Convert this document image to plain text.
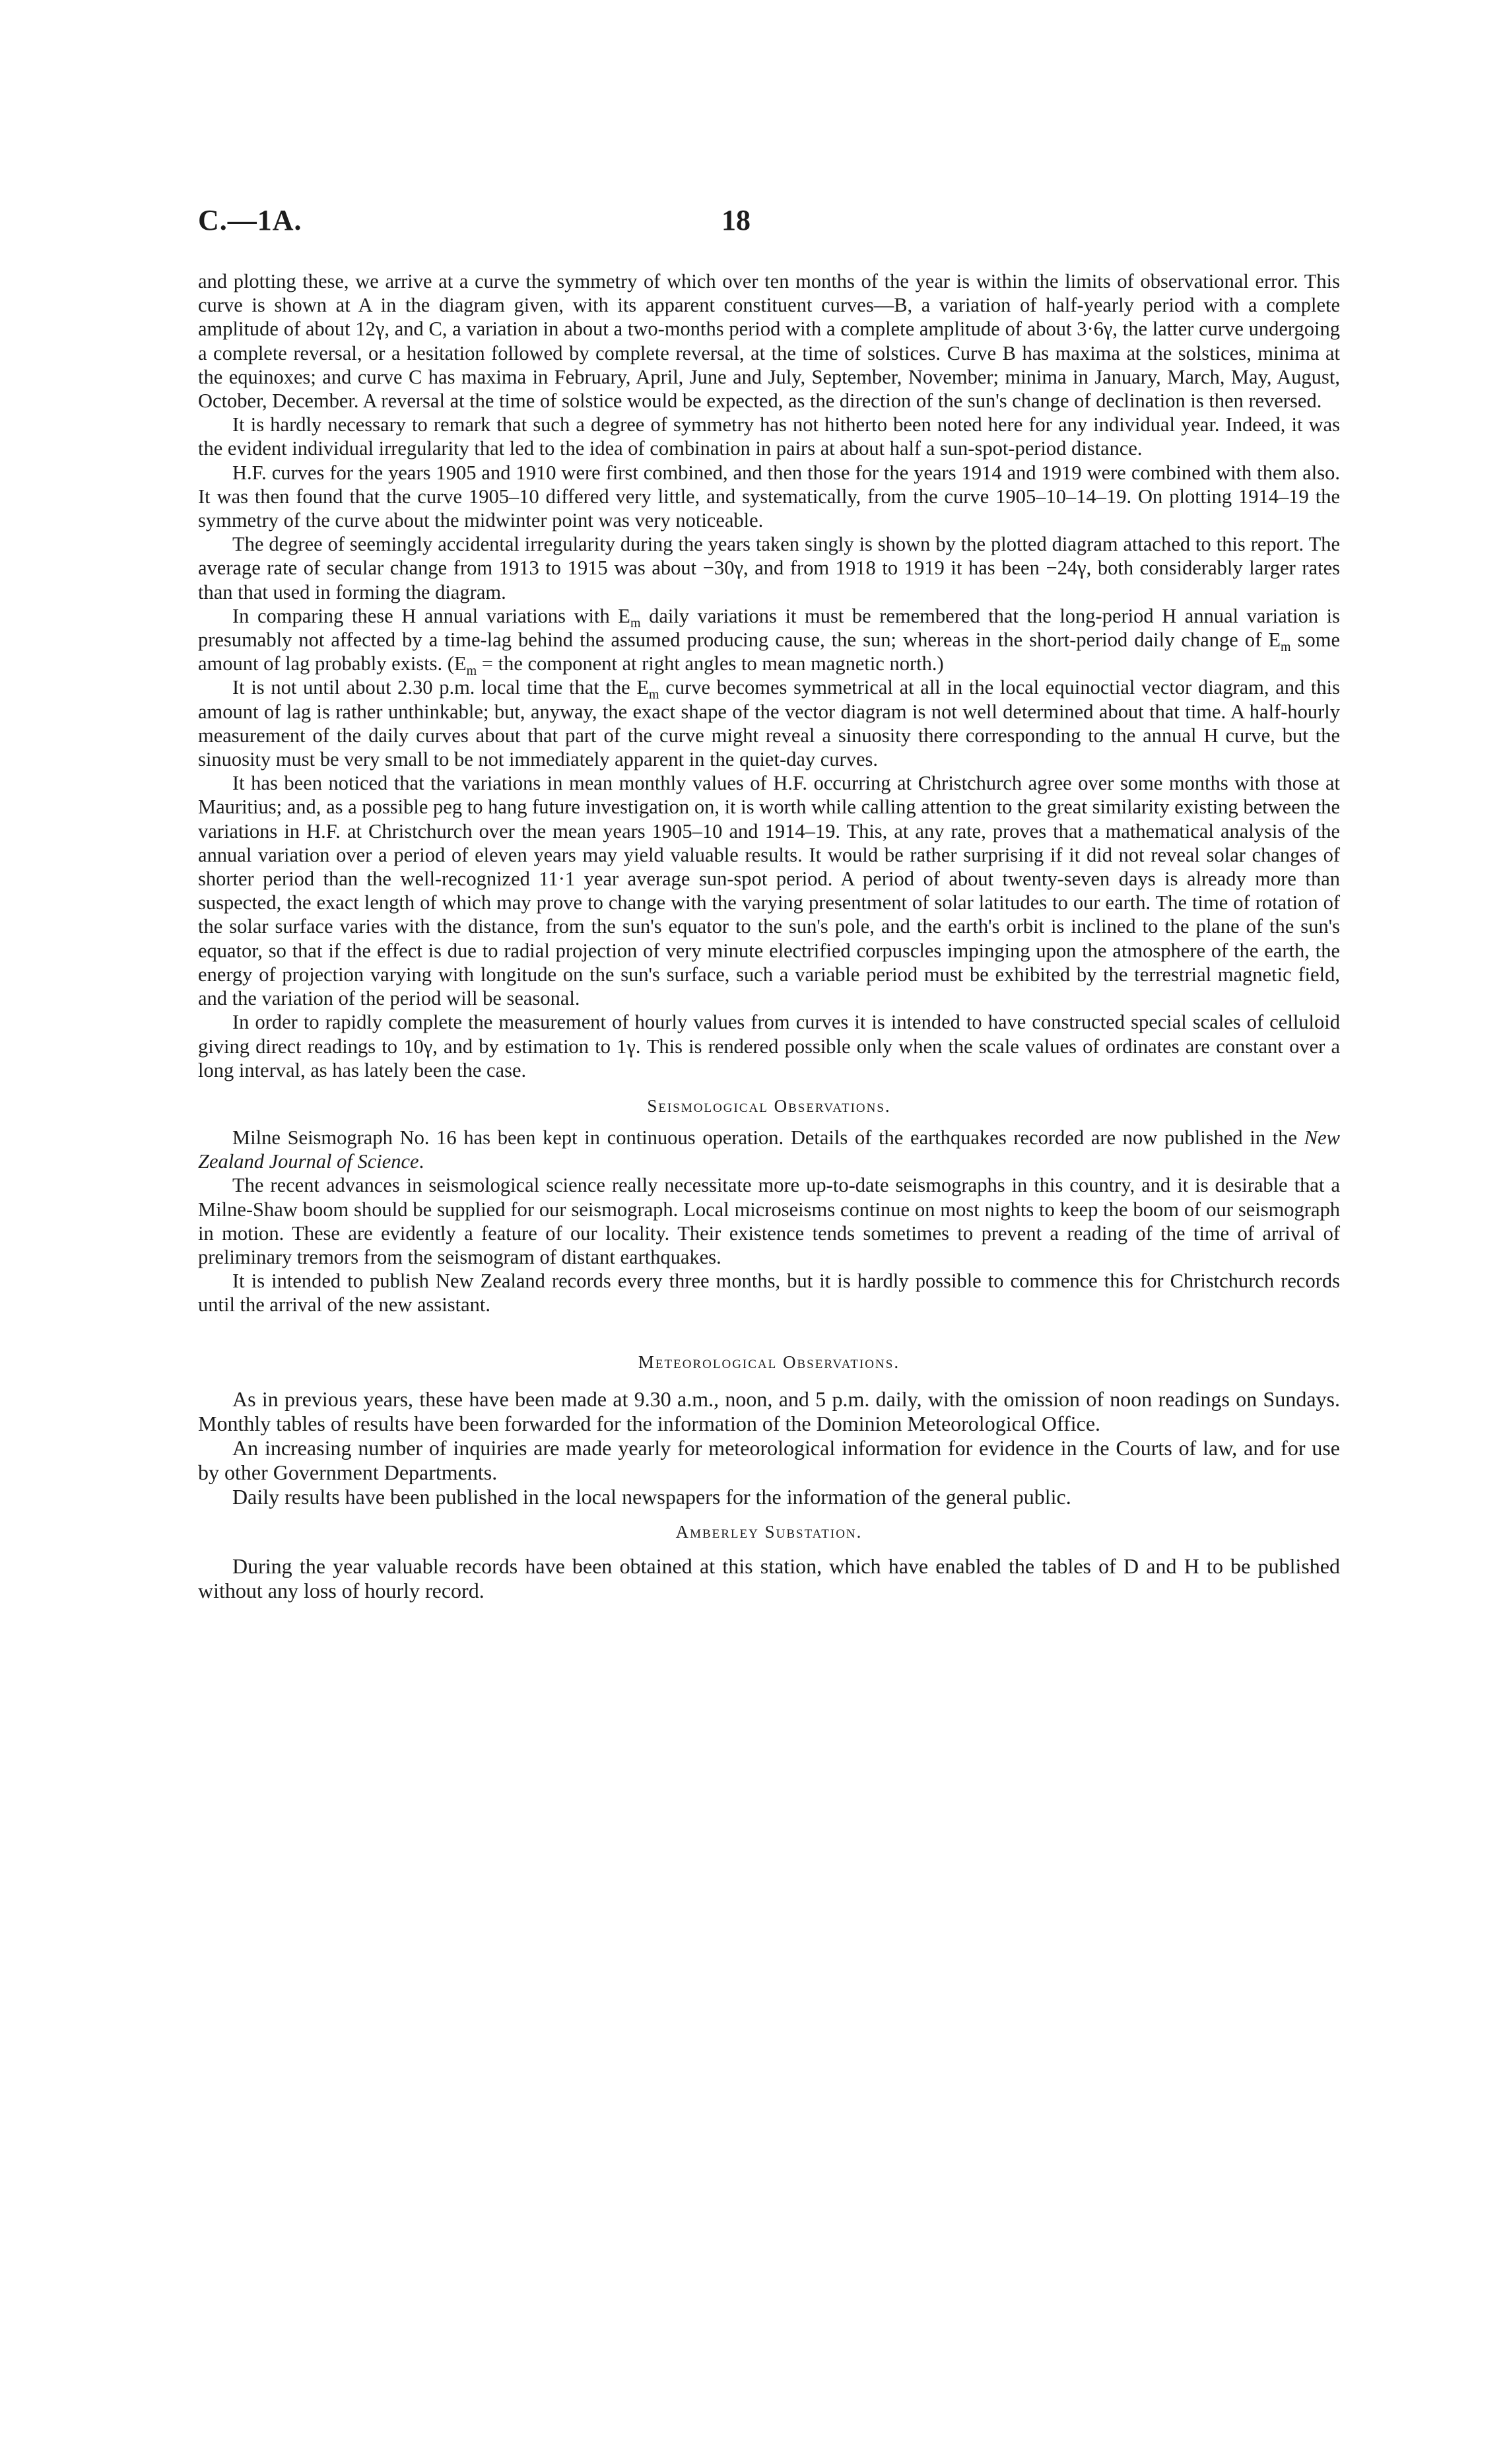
C.—1A.	18

and plotting these, we arrive at a curve the symmetry of which over ten months of the year is within the limits of observational error. This curve is shown at A in the diagram given, with its apparent constituent curves—B, a variation of half-yearly period with a complete amplitude of about 12γ, and C, a variation in about a two-months period with a complete amplitude of about 3·6γ, the latter curve undergoing a complete reversal, or a hesitation followed by complete reversal, at the time of solstices. Curve B has maxima at the solstices, minima at the equinoxes; and curve C has maxima in February, April, June and July, September, November; minima in January, March, May, August, October, December. A reversal at the time of solstice would be expected, as the direction of the sun's change of declination is then reversed.

It is hardly necessary to remark that such a degree of symmetry has not hitherto been noted here for any individual year. Indeed, it was the evident individual irregularity that led to the idea of combination in pairs at about half a sun-spot-period distance.

H.F. curves for the years 1905 and 1910 were first combined, and then those for the years 1914 and 1919 were combined with them also. It was then found that the curve 1905–10 differed very little, and systematically, from the curve 1905–10–14–19. On plotting 1914–19 the symmetry of the curve about the midwinter point was very noticeable.

The degree of seemingly accidental irregularity during the years taken singly is shown by the plotted diagram attached to this report. The average rate of secular change from 1913 to 1915 was about −30γ, and from 1918 to 1919 it has been −24γ, both considerably larger rates than that used in forming the diagram.

In comparing these H annual variations with $E_m$ daily variations it must be remembered that the long-period H annual variation is presumably not affected by a time-lag behind the assumed producing cause, the sun; whereas in the short-period daily change of $E_m$ some amount of lag probably exists. ($E_m$ = the component at right angles to mean magnetic north.)

It is not until about 2.30 p.m. local time that the $E_m$ curve becomes symmetrical at all in the local equinoctial vector diagram, and this amount of lag is rather unthinkable; but, anyway, the exact shape of the vector diagram is not well determined about that time. A half-hourly measurement of the daily curves about that part of the curve might reveal a sinuosity there corresponding to the annual H curve, but the sinuosity must be very small to be not immediately apparent in the quiet-day curves.

It has been noticed that the variations in mean monthly values of H.F. occurring at Christchurch agree over some months with those at Mauritius; and, as a possible peg to hang future investigation on, it is worth while calling attention to the great similarity existing between the variations in H.F. at Christchurch over the mean years 1905–10 and 1914–19. This, at any rate, proves that a mathematical analysis of the annual variation over a period of eleven years may yield valuable results. It would be rather surprising if it did not reveal solar changes of shorter period than the well-recognized 11·1 year average sun-spot period. A period of about twenty-seven days is already more than suspected, the exact length of which may prove to change with the varying presentment of solar latitudes to our earth. The time of rotation of the solar surface varies with the distance, from the sun's equator to the sun's pole, and the earth's orbit is inclined to the plane of the sun's equator, so that if the effect is due to radial projection of very minute electrified corpuscles impinging upon the atmosphere of the earth, the energy of projection varying with longitude on the sun's surface, such a variable period must be exhibited by the terrestrial magnetic field, and the variation of the period will be seasonal.

In order to rapidly complete the measurement of hourly values from curves it is intended to have constructed special scales of celluloid giving direct readings to 10γ, and by estimation to 1γ. This is rendered possible only when the scale values of ordinates are constant over a long interval, as has lately been the case.

Seismological Observations.

Milne Seismograph No. 16 has been kept in continuous operation. Details of the earthquakes recorded are now published in the New Zealand Journal of Science.

The recent advances in seismological science really necessitate more up-to-date seismographs in this country, and it is desirable that a Milne-Shaw boom should be supplied for our seismograph. Local microseisms continue on most nights to keep the boom of our seismograph in motion. These are evidently a feature of our locality. Their existence tends sometimes to prevent a reading of the time of arrival of preliminary tremors from the seismogram of distant earthquakes.

It is intended to publish New Zealand records every three months, but it is hardly possible to commence this for Christchurch records until the arrival of the new assistant.

Meteorological Observations.

As in previous years, these have been made at 9.30 a.m., noon, and 5 p.m. daily, with the omission of noon readings on Sundays. Monthly tables of results have been forwarded for the information of the Dominion Meteorological Office.

An increasing number of inquiries are made yearly for meteorological information for evidence in the Courts of law, and for use by other Government Departments.

Daily results have been published in the local newspapers for the information of the general public.

Amberley Substation.

During the year valuable records have been obtained at this station, which have enabled the tables of D and H to be published without any loss of hourly record.
